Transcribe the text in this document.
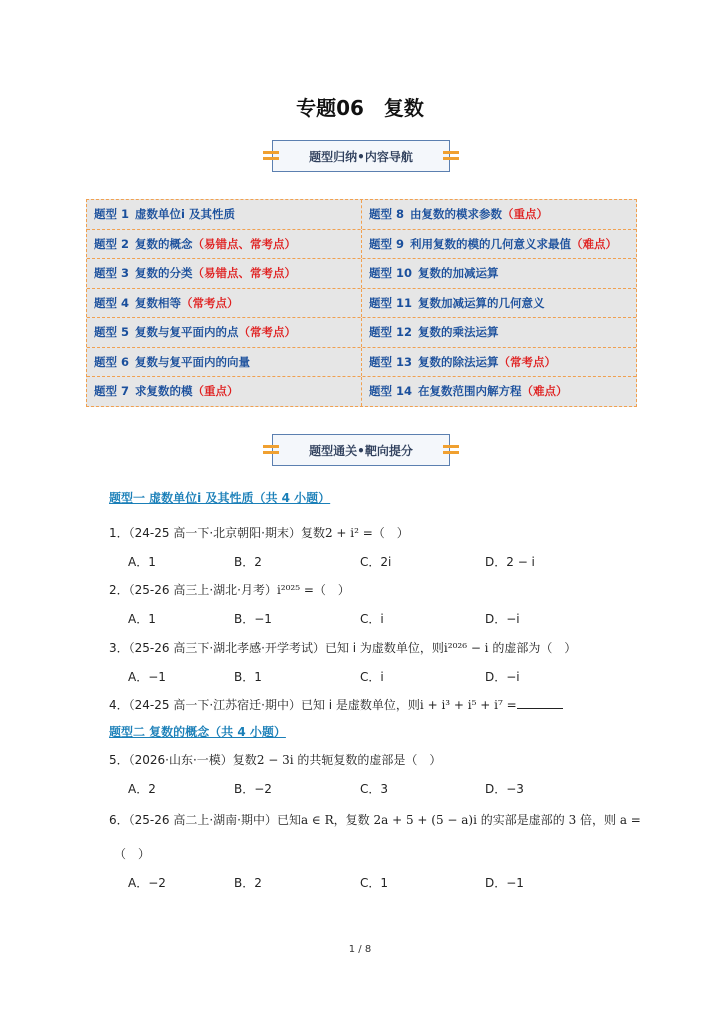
专题06　复数
题型归纳•内容导航
题型 1 虚数单位i 及其性质	题型 8 由复数的模求参数 （重点）
题型 2 复数的概念 （易错点、常考点）	题型 9 利用复数的模的几何意义求最值 （难点）
题型 3 复数的分类 （易错点、常考点）	题型 10 复数的加减运算
题型 4 复数相等 （常考点）	题型 11 复数加减运算的几何意义
题型 5 复数与复平面内的点 （常考点）	题型 12 复数的乘法运算
题型 6 复数与复平面内的向量	题型 13 复数的除法运算 （常考点）
题型 7 求复数的模 （重点）	题型 14 在复数范围内解方程 （难点）
题型通关•靶向提分
题型一 虚数单位i 及其性质（共 4 小题）
1．（24-25 高一下·北京朝阳·期末）复数2 + i² =（　）
A．1	B．2	C．2i	D．2 − i
2．（25-26 高三上·湖北·月考）i²⁰²⁵ =（　）
A．1	B．−1	C．i	D．−i
3．（25-26 高三下·湖北孝感·开学考试）已知 i 为虚数单位，则i²⁰²⁶ − i 的虚部为（　）
A．−1	B．1	C．i	D．−i
4．（24-25 高一下·江苏宿迁·期中）已知 i 是虚数单位，则i + i³ + i⁵ + i⁷ =
题型二 复数的概念（共 4 小题）
5．（2026·山东·一模）复数2 − 3i 的共轭复数的虚部是（　）
A．2	B．−2	C．3	D．−3
6．（25-26 高二上·湖南·期中）已知a ∈ R，复数 2a + 5 + (5 − a)i 的实部是虚部的 3 倍，则 a =
（　）
A．−2	B．2	C．1	D．−1
1 / 8
